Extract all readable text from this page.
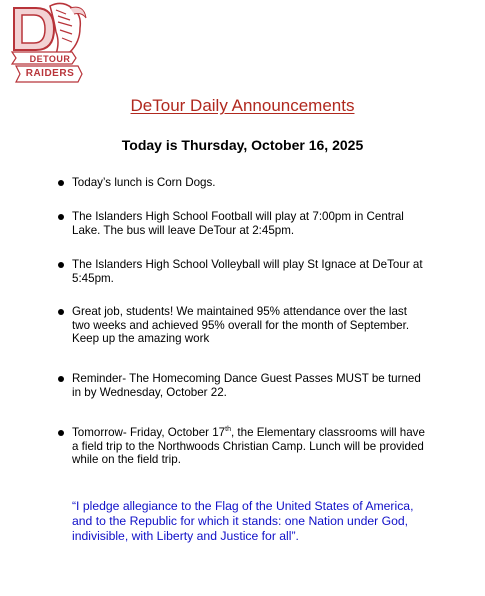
DETOUR
RAIDERS
DeTour Daily Announcements
Today is Thursday, October 16, 2025
Today’s lunch is Corn Dogs.
The Islanders High School Football will play at 7:00pm in Central Lake. The bus will leave DeTour at 2:45pm.
The Islanders High School Volleyball will play St Ignace at DeTour at 5:45pm.
Great job, students! We maintained 95% attendance over the last two weeks and achieved 95% overall for the month of September. Keep up the amazing work
Reminder- The Homecoming Dance Guest Passes MUST be turned in by Wednesday, October 22.
Tomorrow- Friday, October 17th, the Elementary classrooms will have a field trip to the Northwoods Christian Camp. Lunch will be provided while on the field trip.
“I pledge allegiance to the Flag of the United States of America, and to the Republic for which it stands: one Nation under God, indivisible, with Liberty and Justice for all”.
